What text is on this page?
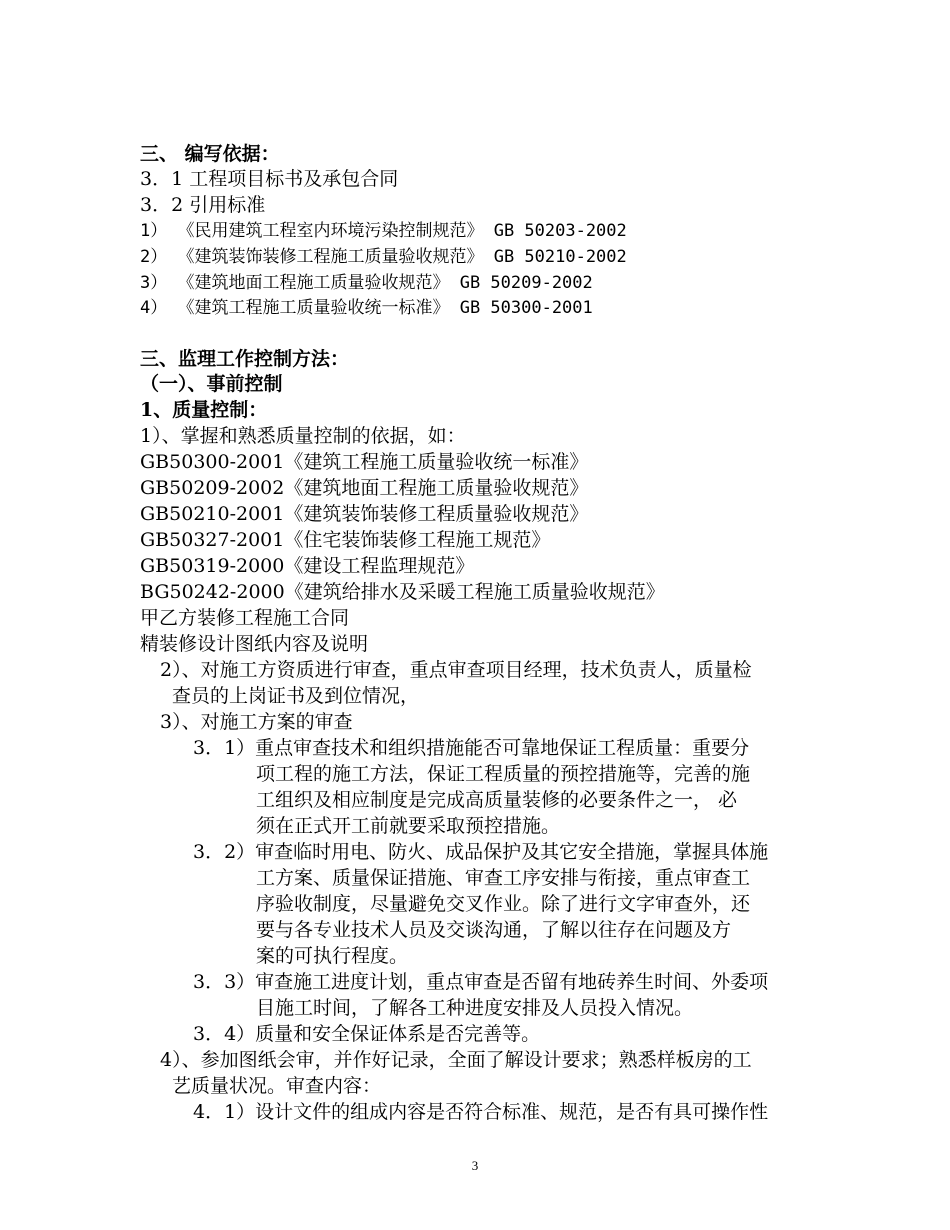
三、 编写依据：
3．1 工程项目标书及承包合同
3．2 引用标准
1） 《民用建筑工程室内环境污染控制规范》 GB 50203-2002
2） 《建筑装饰装修工程施工质量验收规范》 GB 50210-2002
3） 《建筑地面工程施工质量验收规范》 GB 50209-2002
4） 《建筑工程施工质量验收统一标准》 GB 50300-2001
三、监理工作控制方法：
（一）、事前控制
1、质量控制：
1）、掌握和熟悉质量控制的依据，如：
GB50300-2001《建筑工程施工质量验收统一标准》
GB50209-2002《建筑地面工程施工质量验收规范》
GB50210-2001《建筑装饰装修工程质量验收规范》
GB50327-2001《住宅装饰装修工程施工规范》
GB50319-2000《建设工程监理规范》
BG50242-2000《建筑给排水及采暖工程施工质量验收规范》
甲乙方装修工程施工合同
精装修设计图纸内容及说明
2）、对施工方资质进行审查，重点审查项目经理，技术负责人，质量检
查员的上岗证书及到位情况，
3）、对施工方案的审查
3．1）重点审查技术和组织措施能否可靠地保证工程质量：重要分
项工程的施工方法，保证工程质量的预控措施等，完善的施
工组织及相应制度是完成高质量装修的必要条件之一， 必
须在正式开工前就要采取预控措施。
3．2）审查临时用电、防火、成品保护及其它安全措施，掌握具体施
工方案、质量保证措施、审查工序安排与衔接，重点审查工
序验收制度，尽量避免交叉作业。除了进行文字审查外，还
要与各专业技术人员及交谈沟通，了解以往存在问题及方
案的可执行程度。
3．3）审查施工进度计划，重点审查是否留有地砖养生时间、外委项
目施工时间，了解各工种进度安排及人员投入情况。
3．4）质量和安全保证体系是否完善等。
4）、参加图纸会审，并作好记录，全面了解设计要求；熟悉样板房的工
艺质量状况。审查内容：
4．1）设计文件的组成内容是否符合标准、规范，是否有具可操作性
3
